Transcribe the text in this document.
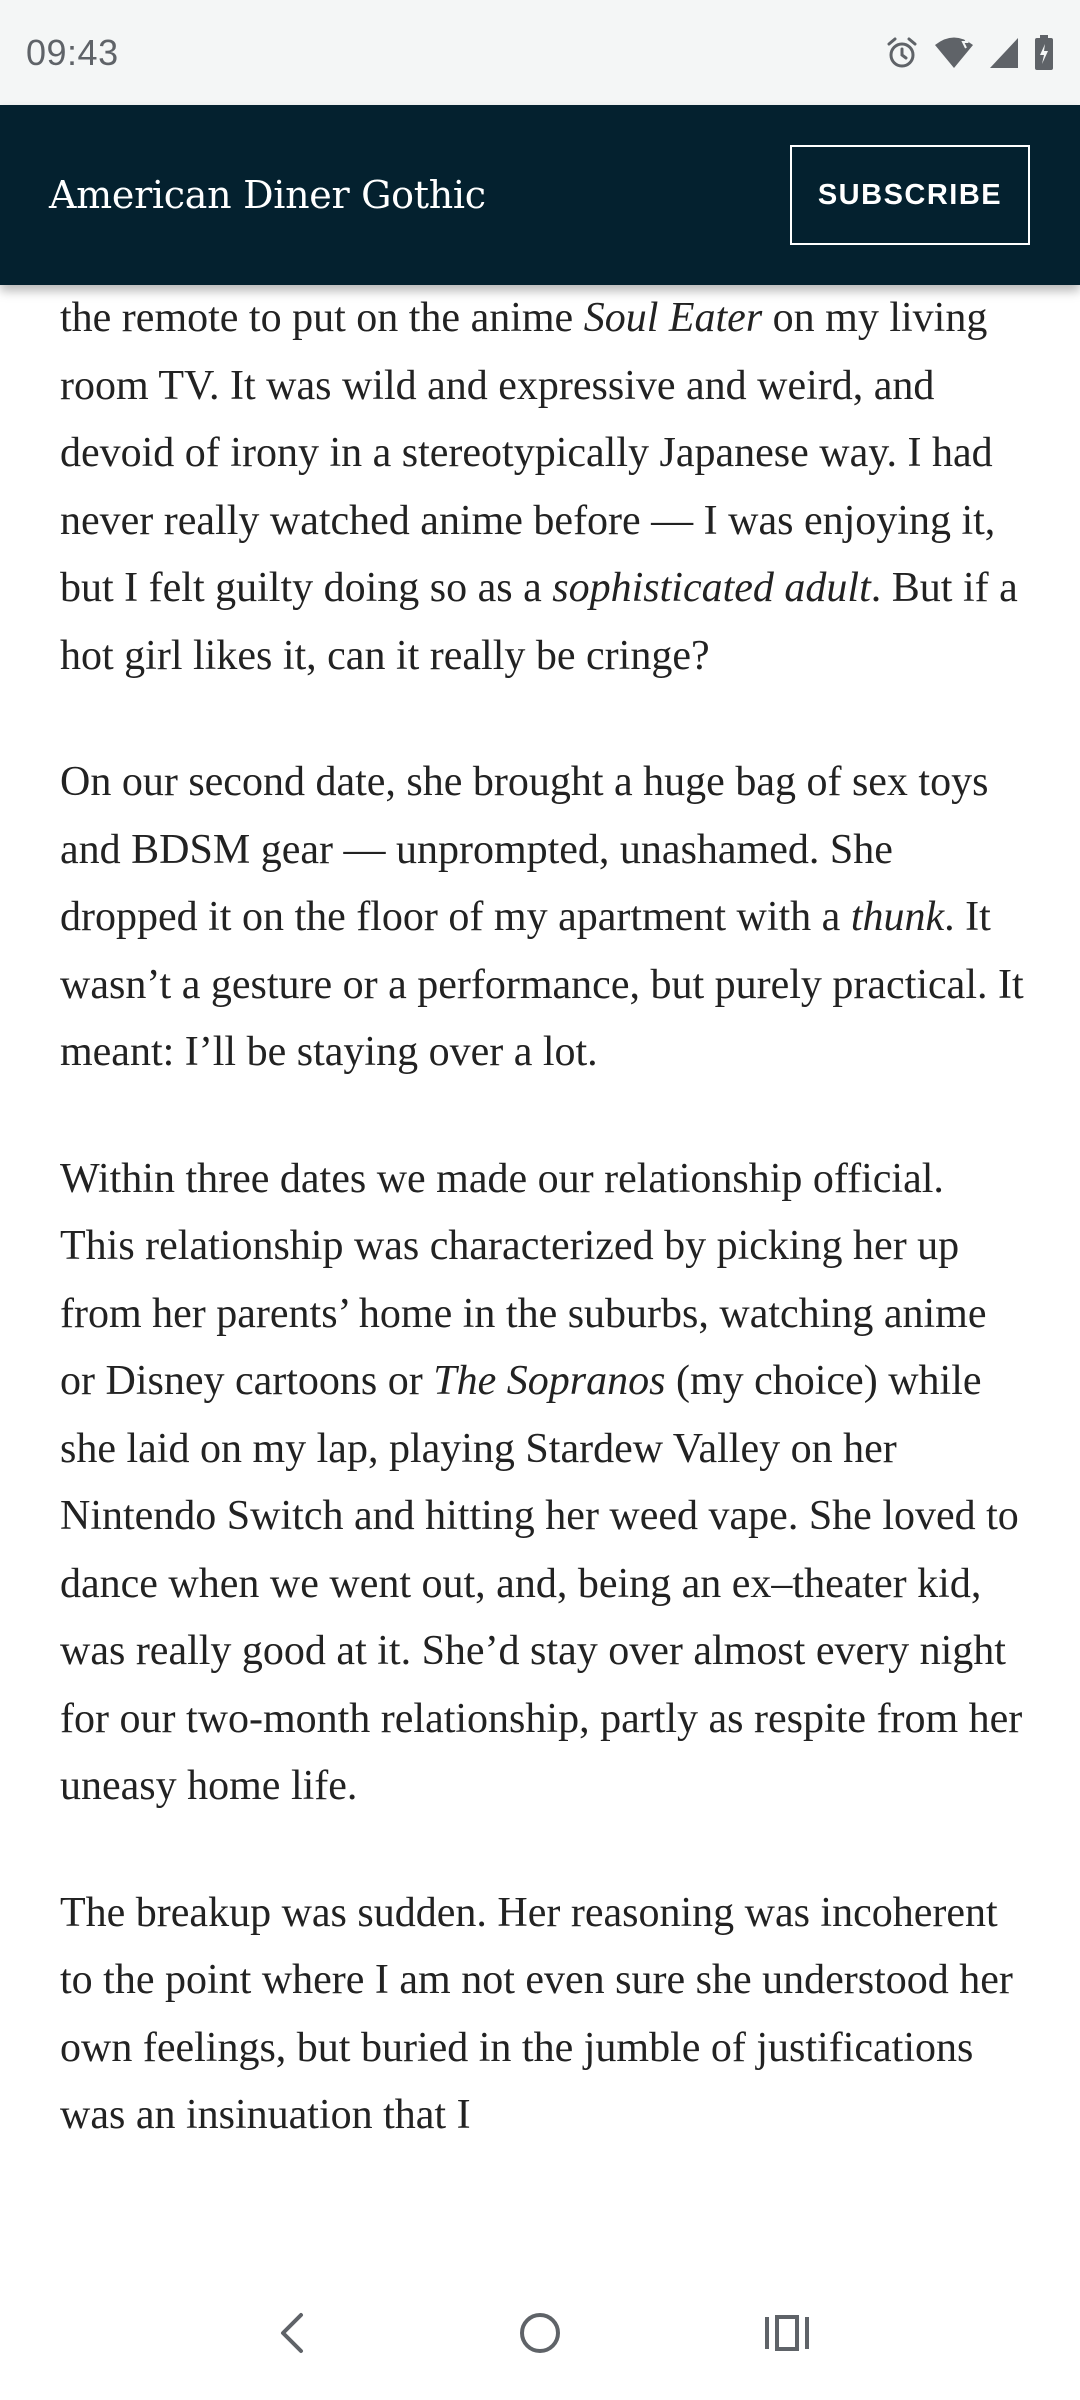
09:43
American Diner Gothic	SUBSCRIBE

the remote to put on the anime Soul Eater on my living room TV. It was wild and expressive and weird, and devoid of irony in a stereotypically Japanese way. I had never really watched anime before — I was enjoying it, but I felt guilty doing so as a sophisticated adult. But if a hot girl likes it, can it really be cringe?

On our second date, she brought a huge bag of sex toys and BDSM gear — unprompted, unashamed. She dropped it on the floor of my apartment with a thunk. It wasn’t a gesture or a performance, but purely practical. It meant: I’ll be staying over a lot.

Within three dates we made our relationship official. This relationship was characterized by picking her up from her parents’ home in the suburbs, watching anime or Disney cartoons or The Sopranos (my choice) while she laid on my lap, playing Stardew Valley on her Nintendo Switch and hitting her weed vape. She loved to dance when we went out, and, being an ex–theater kid, was really good at it. She’d stay over almost every night for our two-month relationship, partly as respite from her uneasy home life.

The breakup was sudden. Her reasoning was incoherent to the point where I am not even sure she understood her own feelings, but buried in the jumble of justifications was an insinuation that I
